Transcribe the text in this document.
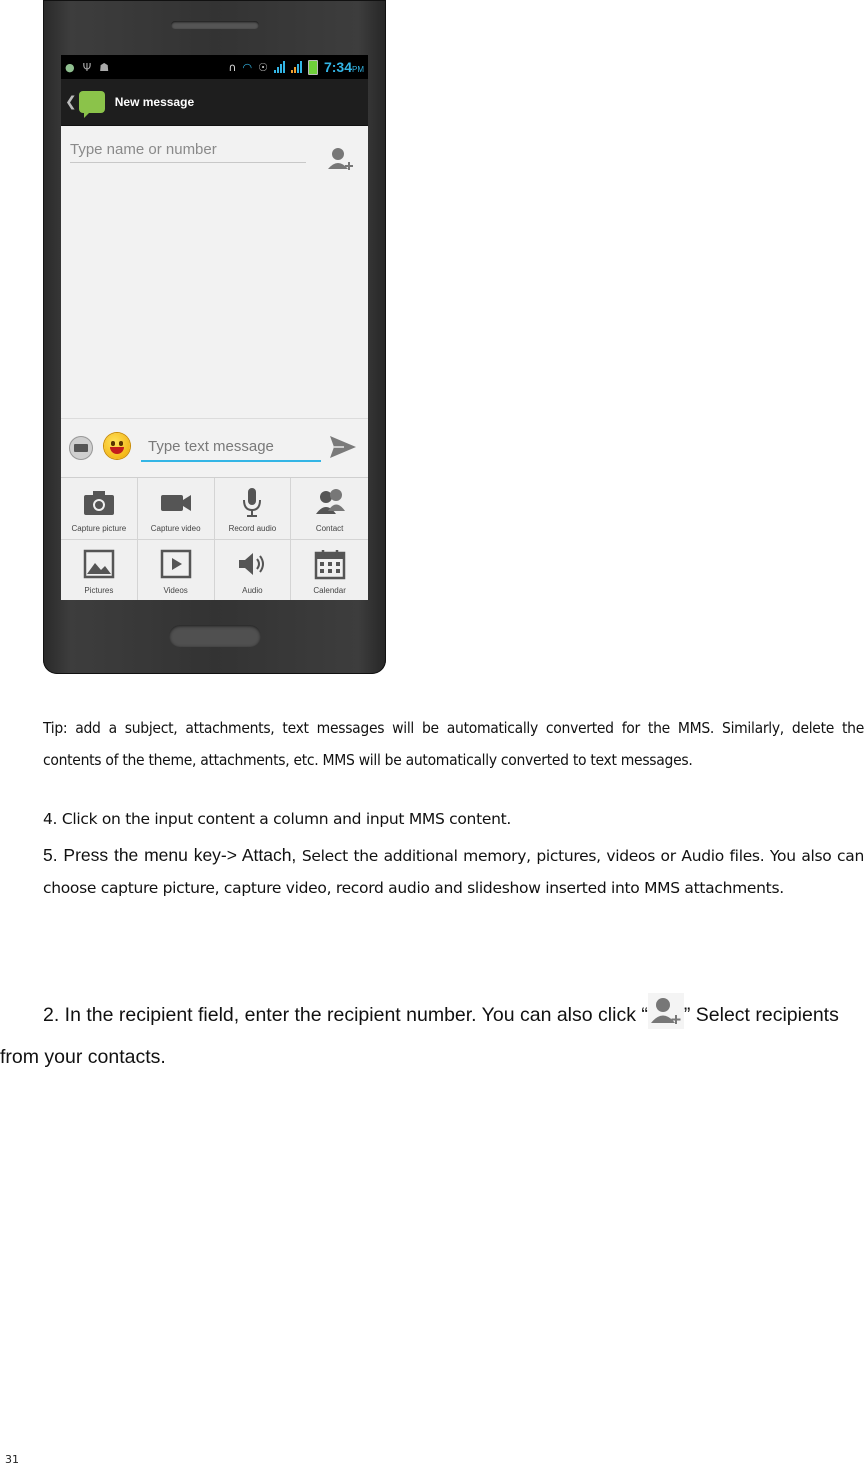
● Ψ ☗	∩ ◠ ☉	7:34PM
❮	New message
Type name or number
Type text message
Capture picture	Capture video	Record audio	Contact
Pictures	Videos	Audio	Calendar

Tip: add a subject, attachments, text messages will be automatically converted for the MMS. Similarly, delete the contents of the theme, attachments, etc. MMS will be automatically converted to text messages.

4. Click on the input content a column and input MMS content.

5. Press the menu key-> Attach, Select the additional memory, pictures, videos or Audio files. You also can choose capture picture, capture video, record audio and slideshow inserted into MMS attachments.

2. In the recipient field, enter the recipient number. You can also click “ ” Select recipients from your contacts.

31
